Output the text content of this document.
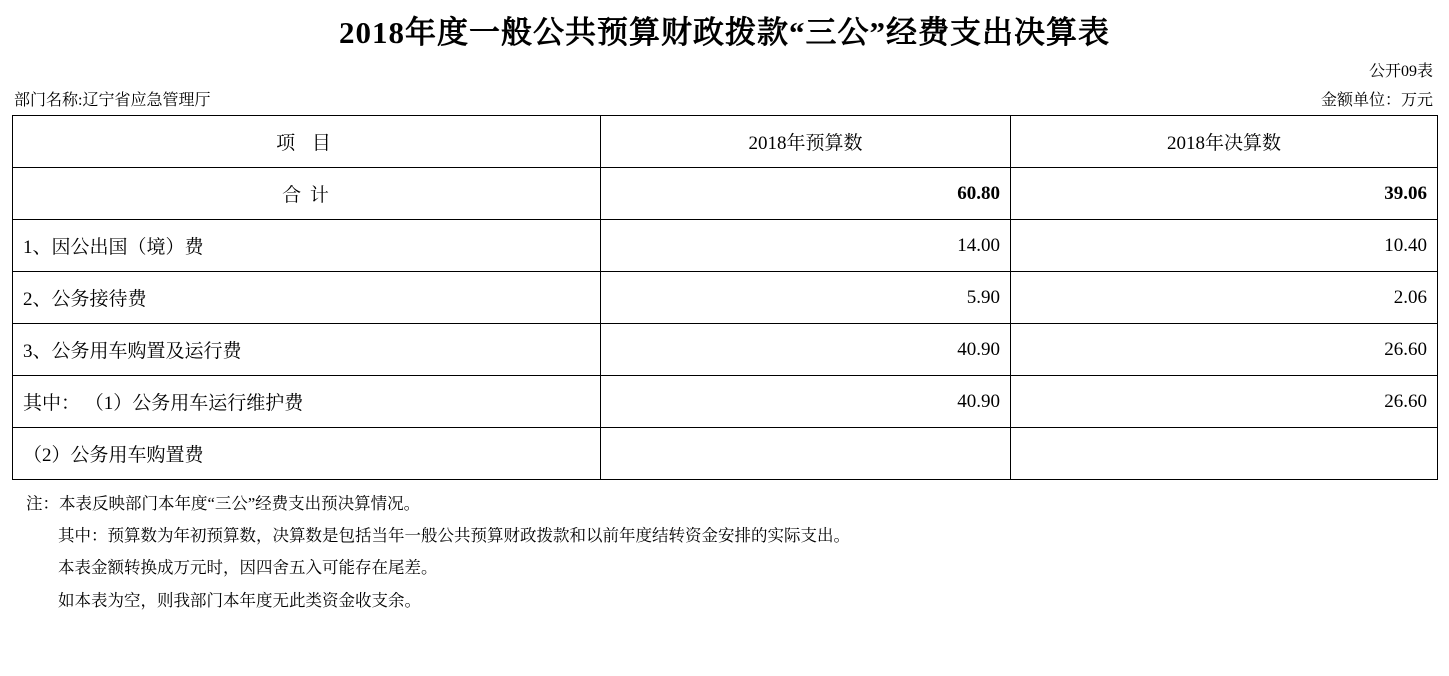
2018年度一般公共预算财政拨款“三公”经费支出决算表
公开09表
部门名称:辽宁省应急管理厅	金额单位：万元
项 目	2018年预算数	2018年决算数
合 计	60.80	39.06
1、因公出国（境）费	14.00	10.40
2、公务接待费	5.90	2.06
3、公务用车购置及运行费	40.90	26.60
其中： （1）公务用车运行维护费	40.90	26.60
（2）公务用车购置费		
注：本表反映部门本年度“三公”经费支出预决算情况。
其中：预算数为年初预算数，决算数是包括当年一般公共预算财政拨款和以前年度结转资金安排的实际支出。
本表金额转换成万元时，因四舍五入可能存在尾差。
如本表为空，则我部门本年度无此类资金收支余。
